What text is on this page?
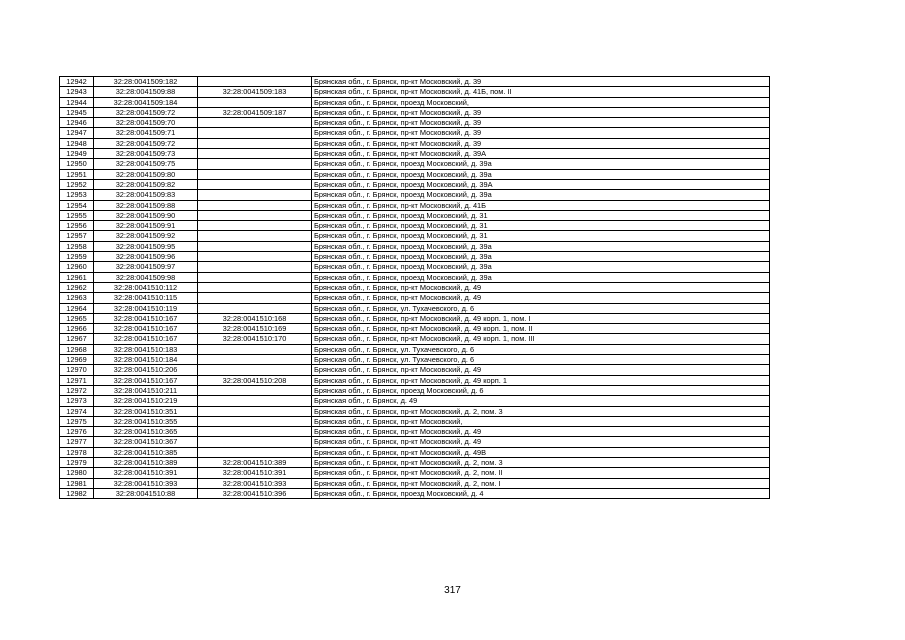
12942	32:28:0041509:182		Брянская обл., г. Брянск, пр-кт Московский, д. 39
12943	32:28:0041509:88	32:28:0041509:183	Брянская обл., г. Брянск, пр-кт Московский, д. 41Б, пом. II
12944	32:28:0041509:184		Брянская обл., г. Брянск, проезд Московский,
12945	32:28:0041509:72	32:28:0041509:187	Брянская обл., г. Брянск, пр-кт Московский, д. 39
12946	32:28:0041509:70		Брянская обл., г. Брянск, пр-кт Московский, д. 39
12947	32:28:0041509:71		Брянская обл., г. Брянск, пр-кт Московский, д. 39
12948	32:28:0041509:72		Брянская обл., г. Брянск, пр-кт Московский, д. 39
12949	32:28:0041509:73		Брянская обл., г. Брянск, пр-кт Московский, д. 39А
12950	32:28:0041509:75		Брянская обл., г. Брянск, проезд Московский, д. 39а
12951	32:28:0041509:80		Брянская обл., г. Брянск, проезд Московский, д. 39а
12952	32:28:0041509:82		Брянская обл., г. Брянск, проезд Московский, д. 39А
12953	32:28:0041509:83		Брянская обл., г. Брянск, проезд Московский, д. 39а
12954	32:28:0041509:88		Брянская обл., г. Брянск, пр-кт Московский, д. 41Б
12955	32:28:0041509:90		Брянская обл., г. Брянск, проезд Московский, д. 31
12956	32:28:0041509:91		Брянская обл., г. Брянск, проезд Московский, д. 31
12957	32:28:0041509:92		Брянская обл., г. Брянск, проезд Московский, д. 31
12958	32:28:0041509:95		Брянская обл., г. Брянск, проезд Московский, д. 39а
12959	32:28:0041509:96		Брянская обл., г. Брянск, проезд Московский, д. 39а
12960	32:28:0041509:97		Брянская обл., г. Брянск, проезд Московский, д. 39а
12961	32:28:0041509:98		Брянская обл., г. Брянск, проезд Московский, д. 39а
12962	32:28:0041510:112		Брянская обл., г. Брянск, пр-кт Московский, д. 49
12963	32:28:0041510:115		Брянская обл., г. Брянск, пр-кт Московский, д. 49
12964	32:28:0041510:119		Брянская обл., г. Брянск, ул. Тухачевского, д. 6
12965	32:28:0041510:167	32:28:0041510:168	Брянская обл., г. Брянск, пр-кт Московский, д. 49 корп. 1, пом. I
12966	32:28:0041510:167	32:28:0041510:169	Брянская обл., г. Брянск, пр-кт Московский, д. 49 корп. 1, пом. II
12967	32:28:0041510:167	32:28:0041510:170	Брянская обл., г. Брянск, пр-кт Московский, д. 49 корп. 1, пом. III
12968	32:28:0041510:183		Брянская обл., г. Брянск, ул. Тухачевского, д. 6
12969	32:28:0041510:184		Брянская обл., г. Брянск, ул. Тухачевского, д. 6
12970	32:28:0041510:206		Брянская обл., г. Брянск, пр-кт Московский, д. 49
12971	32:28:0041510:167	32:28:0041510:208	Брянская обл., г. Брянск, пр-кт Московский, д. 49 корп. 1
12972	32:28:0041510:211		Брянская обл., г. Брянск, проезд Московский, д. 6
12973	32:28:0041510:219		Брянская обл., г. Брянск, д. 49
12974	32:28:0041510:351		Брянская обл., г. Брянск, пр-кт Московский, д. 2, пом. 3
12975	32:28:0041510:355		Брянская обл., г. Брянск, пр-кт Московский,
12976	32:28:0041510:365		Брянская обл., г. Брянск, пр-кт Московский, д. 49
12977	32:28:0041510:367		Брянская обл., г. Брянск, пр-кт Московский, д. 49
12978	32:28:0041510:385		Брянская обл., г. Брянск, пр-кт Московский, д. 49В
12979	32:28:0041510:389	32:28:0041510:389	Брянская обл., г. Брянск, пр-кт Московский, д. 2, пом. 3
12980	32:28:0041510:391	32:28:0041510:391	Брянская обл., г. Брянск, пр-кт Московский, д. 2, пом. II
12981	32:28:0041510:393	32:28:0041510:393	Брянская обл., г. Брянск, пр-кт Московский, д. 2, пом. I
12982	32:28:0041510:88	32:28:0041510:396	Брянская обл., г. Брянск, проезд Московский, д. 4
317
